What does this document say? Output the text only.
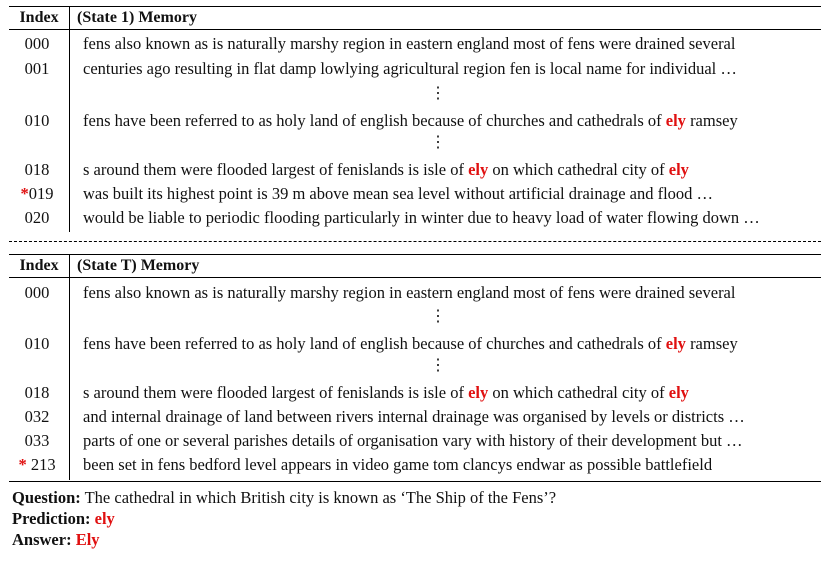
Index	(State 1) Memory
000	fens also known as is naturally marshy region in eastern england most of fens were drained several
001	centuries ago resulting in flat damp lowlying agricultural region fen is local name for individual …
010	fens have been referred to as holy land of english because of churches and cathedrals of ely ramsey
018	s around them were flooded largest of fenislands is isle of ely on which cathedral city of ely
*019	was built its highest point is 39 m above mean sea level without artificial drainage and flood …
020	would be liable to periodic flooding particularly in winter due to heavy load of water flowing down …
⋮
⋮
Index	(State T) Memory
000	fens also known as is naturally marshy region in eastern england most of fens were drained several
010	fens have been referred to as holy land of english because of churches and cathedrals of ely ramsey
018	s around them were flooded largest of fenislands is isle of ely on which cathedral city of ely
032	and internal drainage of land between rivers internal drainage was organised by levels or districts …
033	parts of one or several parishes details of organisation vary with history of their development but …
* 213	been set in fens bedford level appears in video game tom clancys endwar as possible battlefield
⋮
⋮
Question: The cathedral in which British city is known as ‘The Ship of the Fens’?
Prediction: ely
Answer: Ely
